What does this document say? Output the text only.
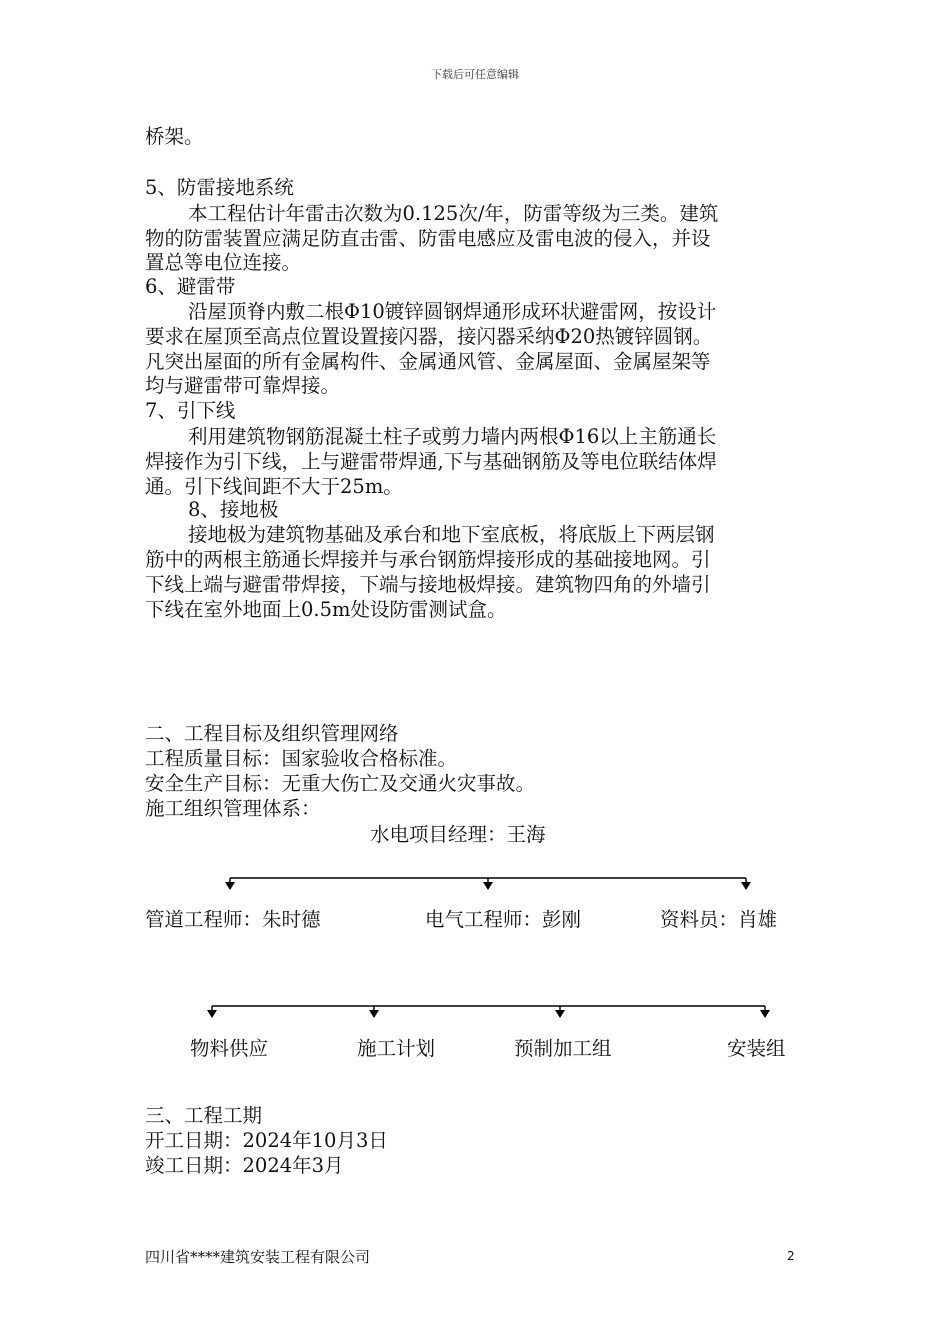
下载后可任意编辑
桥架。
5、防雷接地系统
本工程估计年雷击次数为0.125次/年，防雷等级为三类。建筑
物的防雷装置应满足防直击雷、防雷电感应及雷电波的侵入，并设
置总等电位连接。
6、避雷带
沿屋顶脊内敷二根Φ10镀锌圆钢焊通形成环状避雷网，按设计
要求在屋顶至高点位置设置接闪器，接闪器采纳Φ20热镀锌圆钢。
凡突出屋面的所有金属构件、金属通风管、金属屋面、金属屋架等
均与避雷带可靠焊接。
7、引下线
利用建筑物钢筋混凝土柱子或剪力墙内两根Φ16以上主筋通长
焊接作为引下线，上与避雷带焊通,下与基础钢筋及等电位联结体焊
通。引下线间距不大于25m。
8、接地极
接地极为建筑物基础及承台和地下室底板，将底版上下两层钢
筋中的两根主筋通长焊接并与承台钢筋焊接形成的基础接地网。引
下线上端与避雷带焊接，下端与接地极焊接。建筑物四角的外墙引
下线在室外地面上0.5m处设防雷测试盒。
二、工程目标及组织管理网络
工程质量目标：国家验收合格标准。
安全生产目标：无重大伤亡及交通火灾事故。
施工组织管理体系：
水电项目经理：王海
管道工程师：朱时德	电气工程师：彭刚	资料员：肖雄
物料供应	施工计划	预制加工组	安装组
三、工程工期
开工日期：2024年10月3日
竣工日期：2024年3月
四川省****建筑安装工程有限公司	2
